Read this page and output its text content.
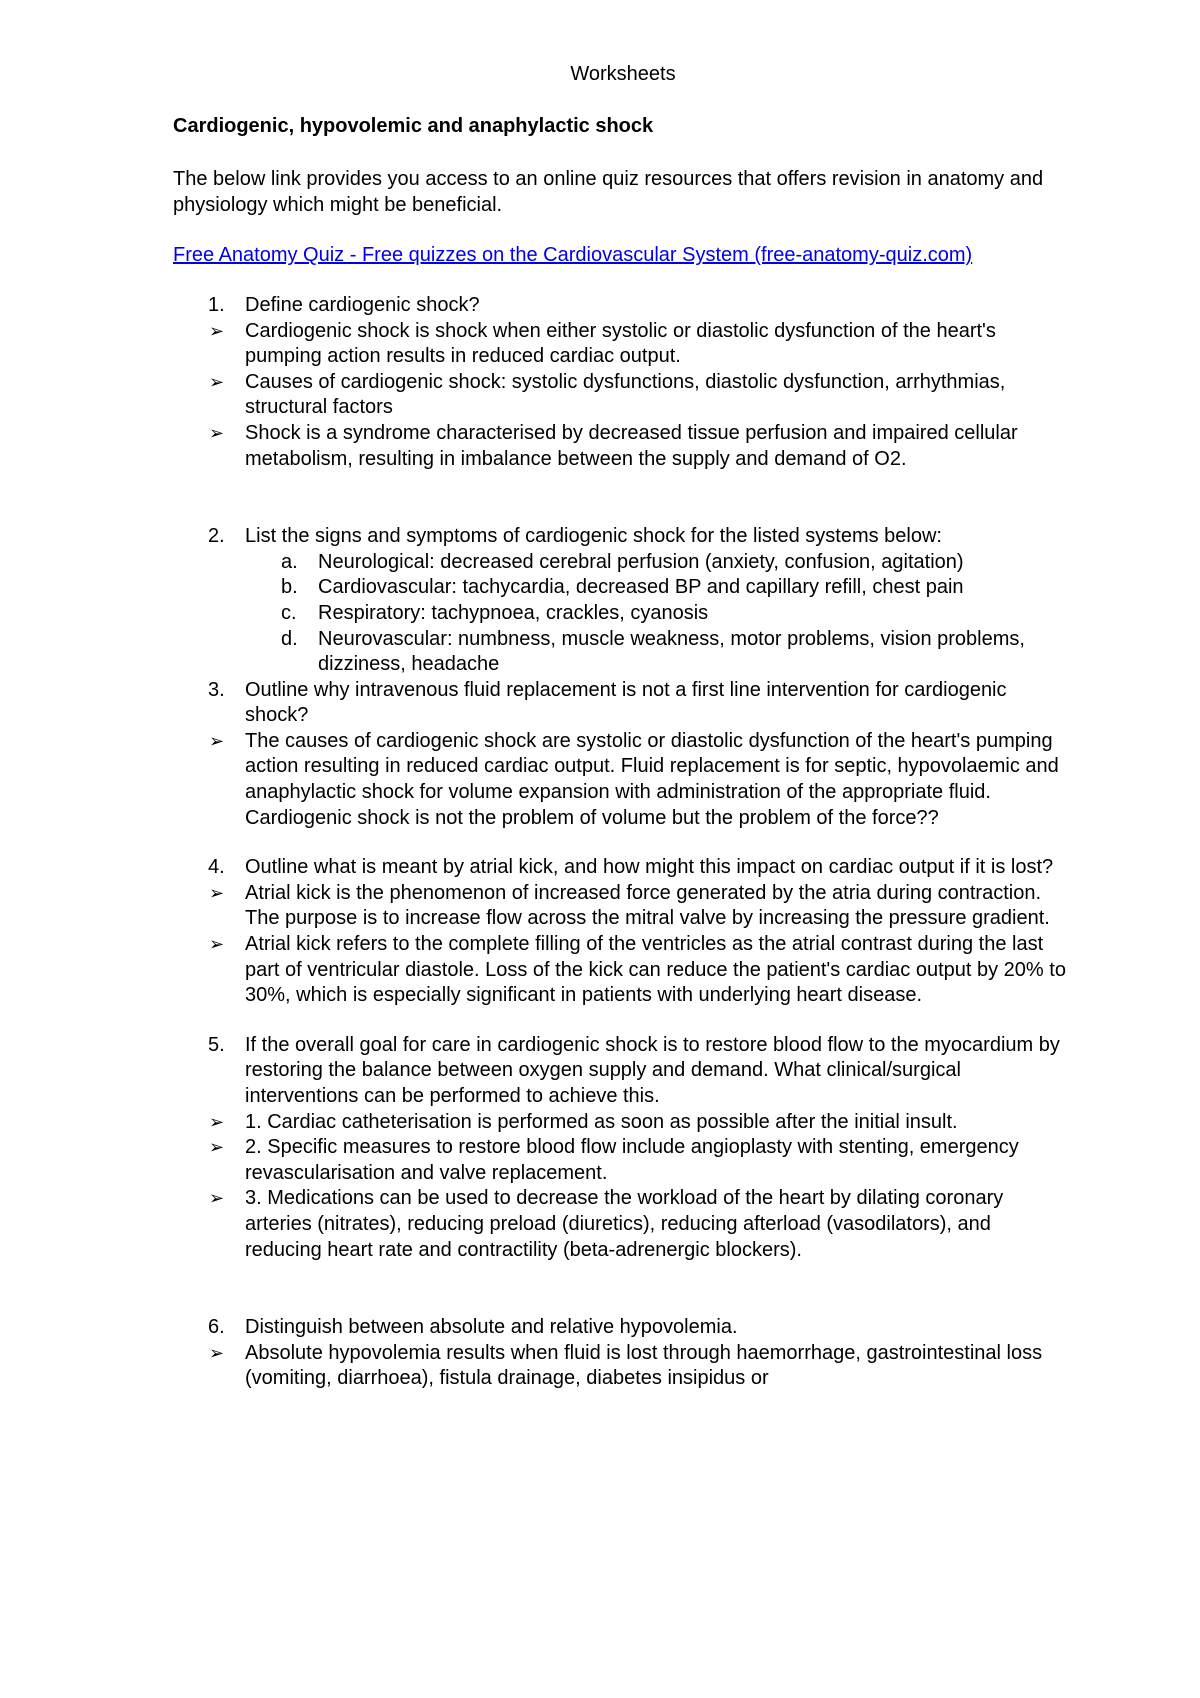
Worksheets
Cardiogenic, hypovolemic and anaphylactic shock
The below link provides you access to an online quiz resources that offers revision in anatomy and physiology which might be beneficial.
Free Anatomy Quiz - Free quizzes on the Cardiovascular System (free-anatomy-quiz.com)
1.	Define cardiogenic shock?
➢ Cardiogenic shock is shock when either systolic or diastolic dysfunction of the heart's pumping action results in reduced cardiac output.
➢ Causes of cardiogenic shock: systolic dysfunctions, diastolic dysfunction, arrhythmias, structural factors
➢ Shock is a syndrome characterised by decreased tissue perfusion and impaired cellular metabolism, resulting in imbalance between the supply and demand of O2.
2.	List the signs and symptoms of cardiogenic shock for the listed systems below:
a.	Neurological: decreased cerebral perfusion (anxiety, confusion, agitation)
b.	Cardiovascular: tachycardia, decreased BP and capillary refill, chest pain
c.	Respiratory: tachypnoea, crackles, cyanosis
d.	Neurovascular: numbness, muscle weakness, motor problems, vision problems, dizziness, headache
3.	Outline why intravenous fluid replacement is not a first line intervention for cardiogenic shock?
➢ The causes of cardiogenic shock are systolic or diastolic dysfunction of the heart's pumping action resulting in reduced cardiac output. Fluid replacement is for septic, hypovolaemic and anaphylactic shock for volume expansion with administration of the appropriate fluid. Cardiogenic shock is not the problem of volume but the problem of the force??
4.	Outline what is meant by atrial kick, and how might this impact on cardiac output if it is lost?
➢ Atrial kick is the phenomenon of increased force generated by the atria during contraction. The purpose is to increase flow across the mitral valve by increasing the pressure gradient.
➢ Atrial kick refers to the complete filling of the ventricles as the atrial contrast during the last part of ventricular diastole. Loss of the kick can reduce the patient's cardiac output by 20% to 30%, which is especially significant in patients with underlying heart disease.
5.	If the overall goal for care in cardiogenic shock is to restore blood flow to the myocardium by restoring the balance between oxygen supply and demand. What clinical/surgical interventions can be performed to achieve this.
➢ 1. Cardiac catheterisation is performed as soon as possible after the initial insult.
➢ 2. Specific measures to restore blood flow include angioplasty with stenting, emergency revascularisation and valve replacement.
➢ 3. Medications can be used to decrease the workload of the heart by dilating coronary arteries (nitrates), reducing preload (diuretics), reducing afterload (vasodilators), and reducing heart rate and contractility (beta-adrenergic blockers).
6.	Distinguish between absolute and relative hypovolemia.
➢ Absolute hypovolemia results when fluid is lost through haemorrhage, gastrointestinal loss (vomiting, diarrhoea), fistula drainage, diabetes insipidus or
